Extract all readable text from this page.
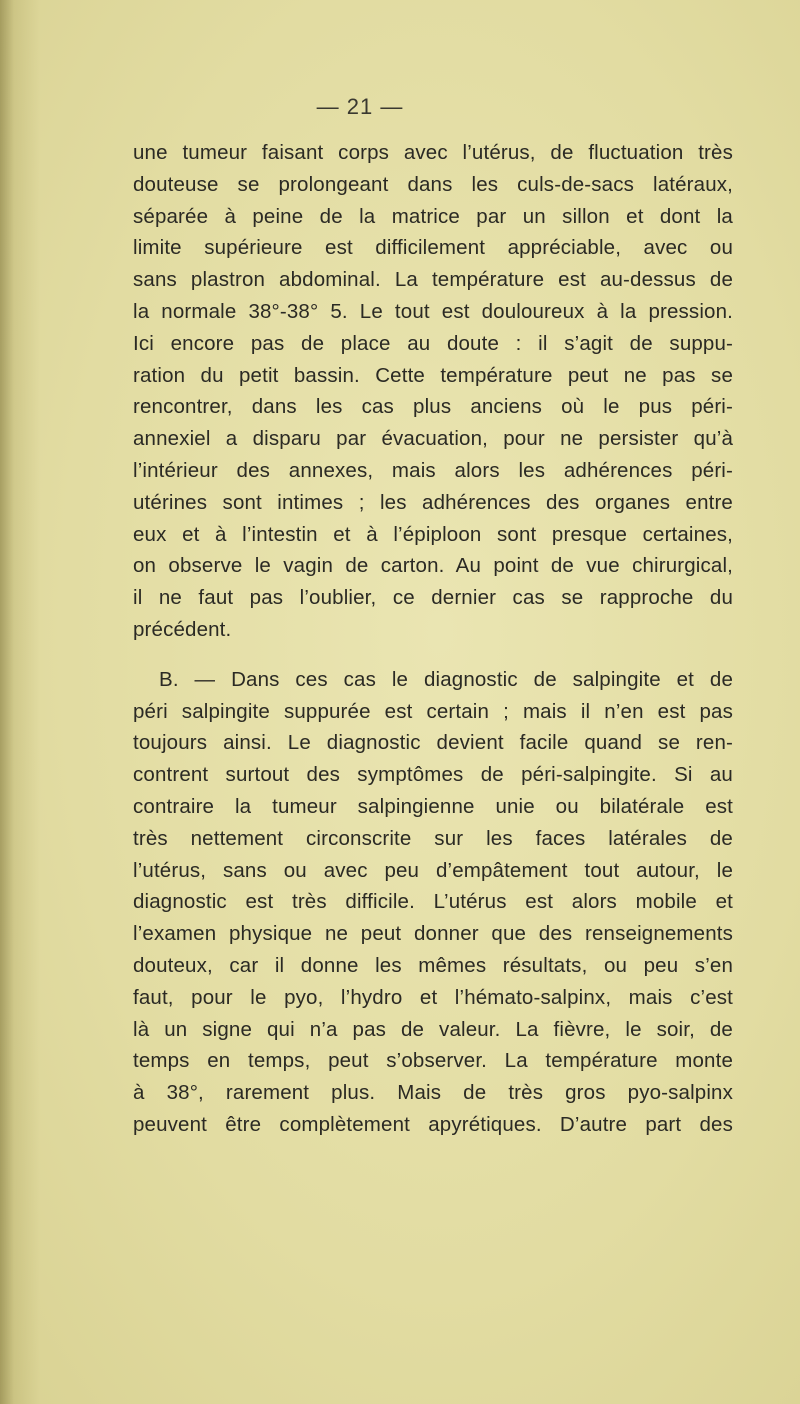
— 21 —
une tumeur faisant corps avec l’utérus, de fluctuation très
douteuse se prolongeant dans les culs-de-sacs latéraux,
séparée à peine de la matrice par un sillon et dont la
limite supérieure est difficilement appréciable, avec ou
sans plastron abdominal. La température est au-dessus de
la normale 38°-38° 5. Le tout est douloureux à la pression.
Ici encore pas de place au doute : il s’agit de suppu-
ration du petit bassin. Cette température peut ne pas se
rencontrer, dans les cas plus anciens où le pus péri-
annexiel a disparu par évacuation, pour ne persister qu’à
l’intérieur des annexes, mais alors les adhérences péri-
utérines sont intimes ; les adhérences des organes entre
eux et à l’intestin et à l’épiploon sont presque certaines,
on observe le vagin de carton. Au point de vue chirurgical,
il ne faut pas l’oublier, ce dernier cas se rapproche du
précédent.
B. — Dans ces cas le diagnostic de salpingite et de
péri salpingite suppurée est certain ; mais il n’en est pas
toujours ainsi. Le diagnostic devient facile quand se ren-
contrent surtout des symptômes de péri-salpingite. Si au
contraire la tumeur salpingienne unie ou bilatérale est
très nettement circonscrite sur les faces latérales de
l’utérus, sans ou avec peu d’empâtement tout autour, le
diagnostic est très difficile. L’utérus est alors mobile et
l’examen physique ne peut donner que des renseignements
douteux, car il donne les mêmes résultats, ou peu s’en
faut, pour le pyo, l’hydro et l’hémato-salpinx, mais c’est
là un signe qui n’a pas de valeur. La fièvre, le soir, de
temps en temps, peut s’observer. La température monte
à 38°, rarement plus. Mais de très gros pyo-salpinx
peuvent être complètement apyrétiques. D’autre part des
